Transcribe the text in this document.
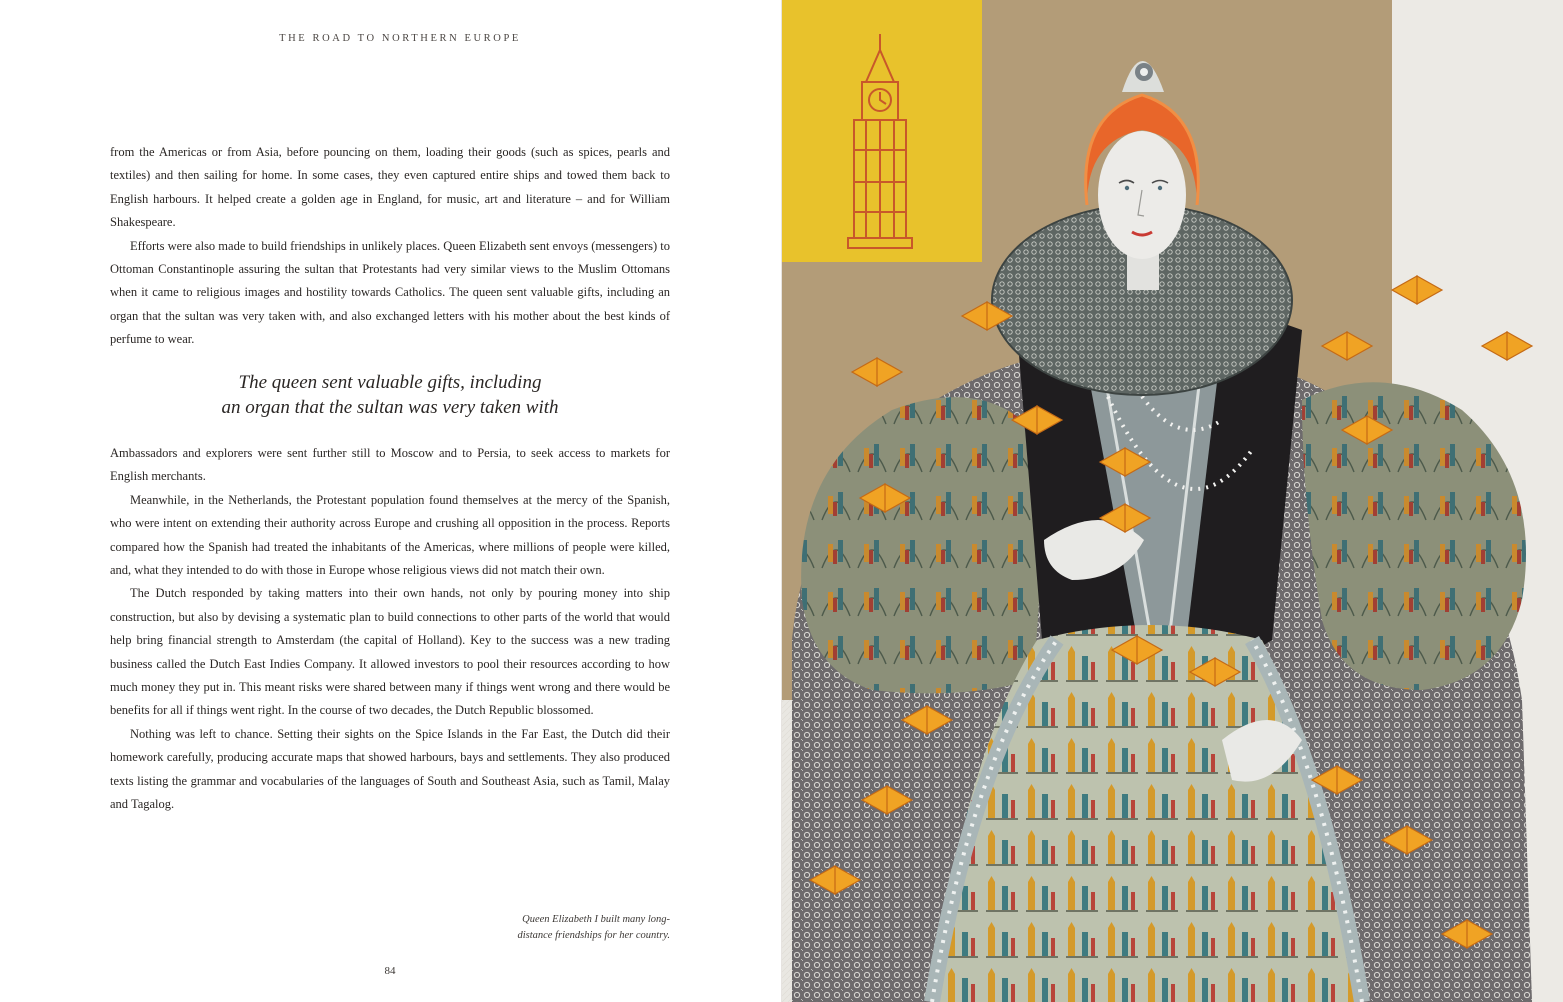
THE ROAD TO NORTHERN EUROPE

from the Americas or from Asia, before pouncing on them, loading their goods (such as spices, pearls and textiles) and then sailing for home. In some cases, they even captured entire ships and towed them back to English harbours. It helped create a golden age in England, for music, art and literature – and for William Shakespeare.

Efforts were also made to build friendships in unlikely places. Queen Elizabeth sent envoys (messengers) to Ottoman Constantinople assuring the sultan that Protestants had very similar views to the Muslim Ottomans when it came to religious images and hostility towards Catholics. The queen sent valuable gifts, including an organ that the sultan was very taken with, and also exchanged letters with his mother about the best kinds of perfume to wear.

The queen sent valuable gifts, including
an organ that the sultan was very taken with

Ambassadors and explorers were sent further still to Moscow and to Persia, to seek access to markets for English merchants.

Meanwhile, in the Netherlands, the Protestant population found themselves at the mercy of the Spanish, who were intent on extending their authority across Europe and crushing all opposition in the process. Reports compared how the Spanish had treated the inhabitants of the Americas, where millions of people were killed, and, what they intended to do with those in Europe whose religious views did not match their own.

The Dutch responded by taking matters into their own hands, not only by pouring money into ship construction, but also by devising a systematic plan to build connections to other parts of the world that would help bring financial strength to Amsterdam (the capital of Holland). Key to the success was a new trading business called the Dutch East Indies Company. It allowed investors to pool their resources according to how much money they put in. This meant risks were shared between many if things went wrong and there would be benefits for all if things went right. In the course of two decades, the Dutch Republic blossomed.

Nothing was left to chance. Setting their sights on the Spice Islands in the Far East, the Dutch did their homework carefully, producing accurate maps that showed harbours, bays and settlements. They also produced texts listing the grammar and vocabularies of the languages of South and Southeast Asia, such as Tamil, Malay and Tagalog.

Queen Elizabeth I built many long-
distance friendships for her country.
84
